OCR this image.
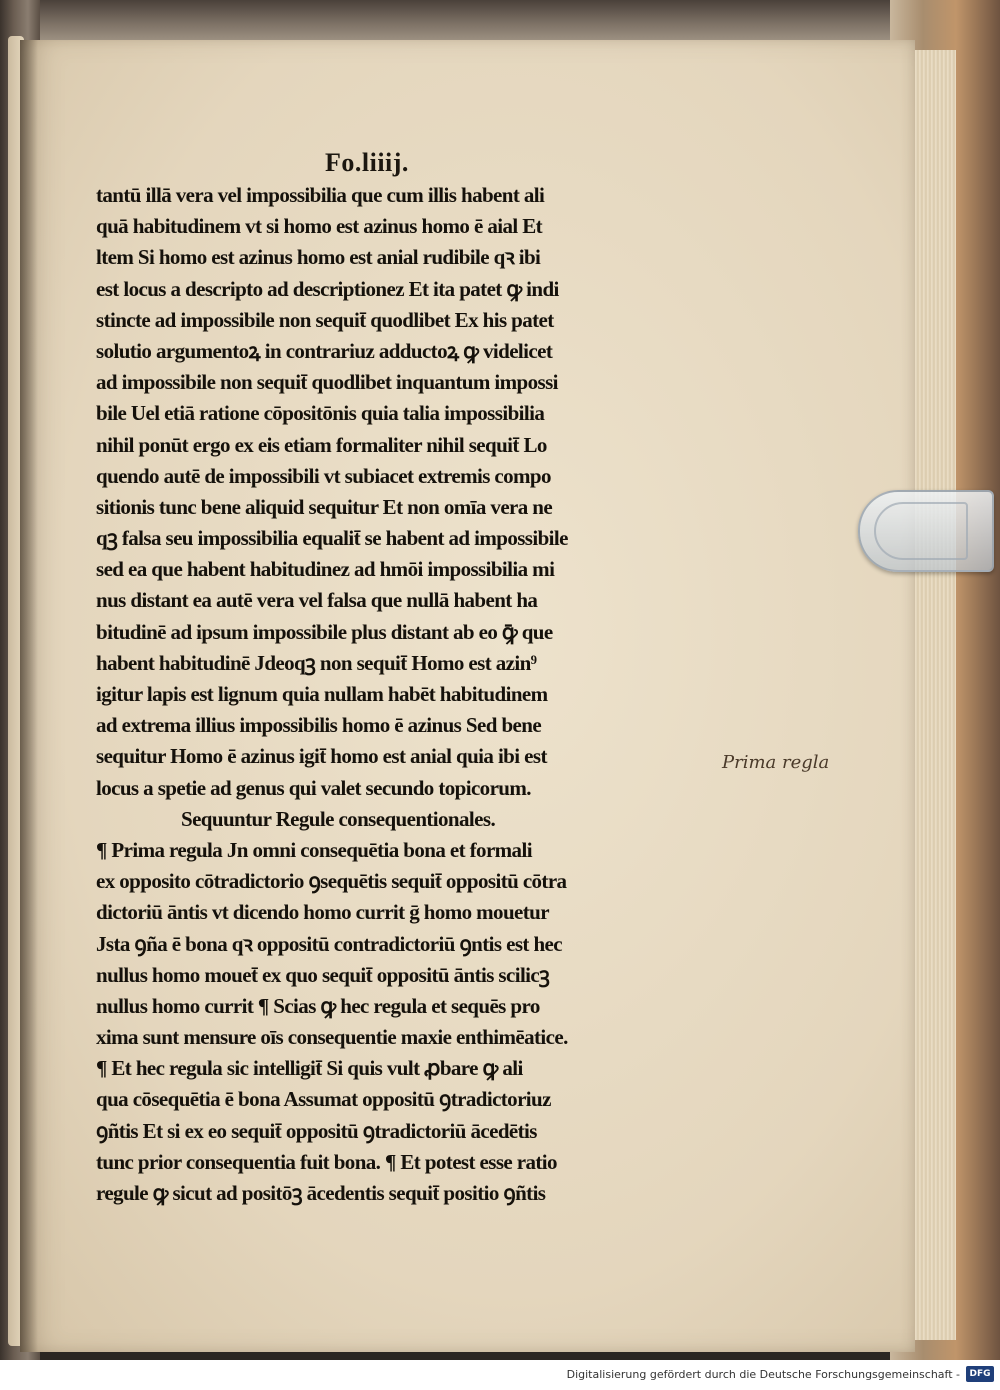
Fo.liiij.
tantū illā vera vel impossibilia que cum illis habent ali
quā habitudinem vt si homo est azinus homo ē aial Et
ltem Si homo est azinus homo est anial rudibile qꝛ ibi
est locus a descripto ad descriptionez Et ita patet ꝙ indi
stincte ad impossibile non sequit̄ quodlibet Ex his patet
solutio argumentoꝝ in contrariuz adductoꝝ ꝙ videlicet
ad impossibile non sequit̄ quodlibet inquantum impossi
bile Uel etiā ratione cōpositōnis quia talia impossibilia
nihil ponūt ergo ex eis etiam formaliter nihil sequit̄ Lo
quendo autē de impossibili vt subiacet extremis compo
sitionis tunc bene aliquid sequitur Et non omīa vera ne
qꝫ falsa seu impossibilia equalit̄ se habent ad impossibile
sed ea que habent habitudinez ad hmōi impossibilia mi
nus distant ea autē vera vel falsa que nullā habent ha
bitudinē ad ipsum impossibile plus distant ab eo ꝙ̄ que
habent habitudinē Jdeoqꝫ non sequit̄ Homo est azin⁹
igitur lapis est lignum quia nullam habēt habitudinem
ad extrema illius impossibilis homo ē azinus Sed bene
sequitur Homo ē azinus igit̄ homo est anial quia ibi est
locus a spetie ad genus qui valet secundo topicorum.
Sequuntur Regule consequentionales.
¶ Prima regula Jn omni consequētia bona et formali
ex opposito cōtradictorio ꝯsequētis sequit̄ oppositū cōtra
dictoriū āntis vt dicendo homo currit ḡ homo mouetur
Jsta ꝯña ē bona qꝛ oppositū contradictoriū ꝯntis est hec
nullus homo mouet̄ ex quo sequit̄ oppositū āntis scilicꝫ
nullus homo currit ¶ Scias ꝙ hec regula et sequēs pro
xima sunt mensure oīs consequentie maxie enthimēatice.
¶ Et hec regula sic intelligit̄ Si quis vult ꝓbare ꝙ ali
qua cōsequētia ē bona Assumat oppositū ꝯtradictoriuz
ꝯñtis Et si ex eo sequit̄ oppositū ꝯtradictoriū ācedētis
tunc prior consequentia fuit bona. ¶ Et potest esse ratio
regule ꝙ sicut ad positōꝫ ācedentis sequit̄ positio ꝯñtis
Prima regla
Digitalisierung gefördert durch die Deutsche Forschungsgemeinschaft -	DFG
